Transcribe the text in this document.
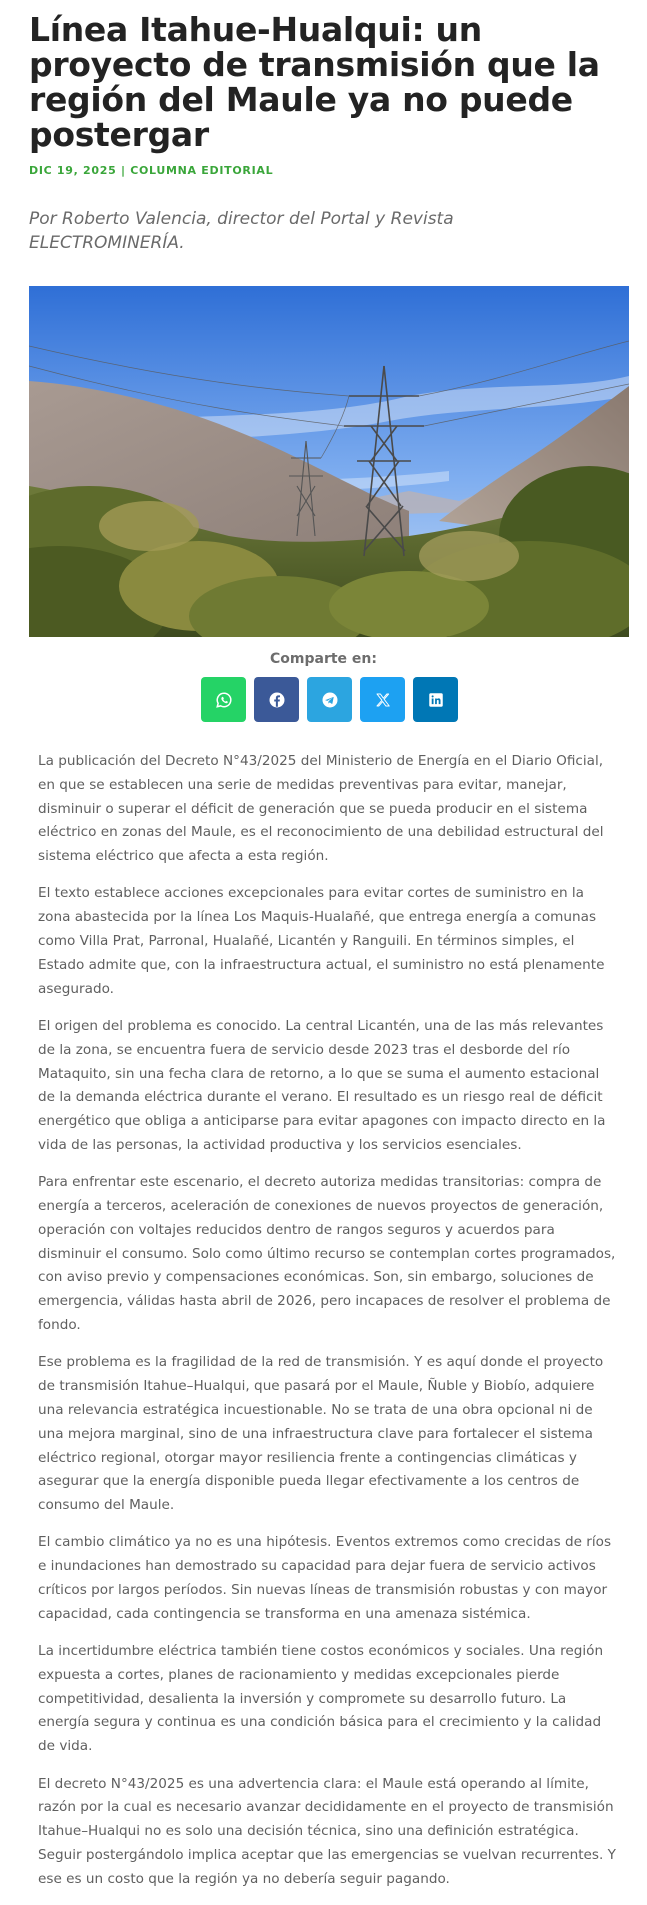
Línea Itahue-Hualqui: un proyecto de transmisión que la región del Maule ya no puede postergar
DIC 19, 2025 | COLUMNA EDITORIAL
Por Roberto Valencia, director del Portal y Revista ELECTROMINERÍA.
Comparte en:

La publicación del Decreto N°43/2025 del Ministerio de Energía en el Diario Oficial, en que se establecen una serie de medidas preventivas para evitar, manejar, disminuir o superar el déficit de generación que se pueda producir en el sistema eléctrico en zonas del Maule, es el reconocimiento de una debilidad estructural del sistema eléctrico que afecta a esta región.

El texto establece acciones excepcionales para evitar cortes de suministro en la zona abastecida por la línea Los Maquis-Hualañé, que entrega energía a comunas como Villa Prat, Parronal, Hualañé, Licantén y Ranguili. En términos simples, el Estado admite que, con la infraestructura actual, el suministro no está plenamente asegurado.

El origen del problema es conocido. La central Licantén, una de las más relevantes de la zona, se encuentra fuera de servicio desde 2023 tras el desborde del río Mataquito, sin una fecha clara de retorno, a lo que se suma el aumento estacional de la demanda eléctrica durante el verano. El resultado es un riesgo real de déficit energético que obliga a anticiparse para evitar apagones con impacto directo en la vida de las personas, la actividad productiva y los servicios esenciales.

Para enfrentar este escenario, el decreto autoriza medidas transitorias: compra de energía a terceros, aceleración de conexiones de nuevos proyectos de generación, operación con voltajes reducidos dentro de rangos seguros y acuerdos para disminuir el consumo. Solo como último recurso se contemplan cortes programados, con aviso previo y compensaciones económicas. Son, sin embargo, soluciones de emergencia, válidas hasta abril de 2026, pero incapaces de resolver el problema de fondo.

Ese problema es la fragilidad de la red de transmisión. Y es aquí donde el proyecto de transmisión Itahue–Hualqui, que pasará por el Maule, Ñuble y Biobío, adquiere una relevancia estratégica incuestionable. No se trata de una obra opcional ni de una mejora marginal, sino de una infraestructura clave para fortalecer el sistema eléctrico regional, otorgar mayor resiliencia frente a contingencias climáticas y asegurar que la energía disponible pueda llegar efectivamente a los centros de consumo del Maule.

El cambio climático ya no es una hipótesis. Eventos extremos como crecidas de ríos e inundaciones han demostrado su capacidad para dejar fuera de servicio activos críticos por largos períodos. Sin nuevas líneas de transmisión robustas y con mayor capacidad, cada contingencia se transforma en una amenaza sistémica.

La incertidumbre eléctrica también tiene costos económicos y sociales. Una región expuesta a cortes, planes de racionamiento y medidas excepcionales pierde competitividad, desalienta la inversión y compromete su desarrollo futuro. La energía segura y continua es una condición básica para el crecimiento y la calidad de vida.

El decreto N°43/2025 es una advertencia clara: el Maule está operando al límite, razón por la cual es necesario avanzar decididamente en el proyecto de transmisión Itahue–Hualqui no es solo una decisión técnica, sino una definición estratégica. Seguir postergándolo implica aceptar que las emergencias se vuelvan recurrentes. Y ese es un costo que la región ya no debería seguir pagando.
